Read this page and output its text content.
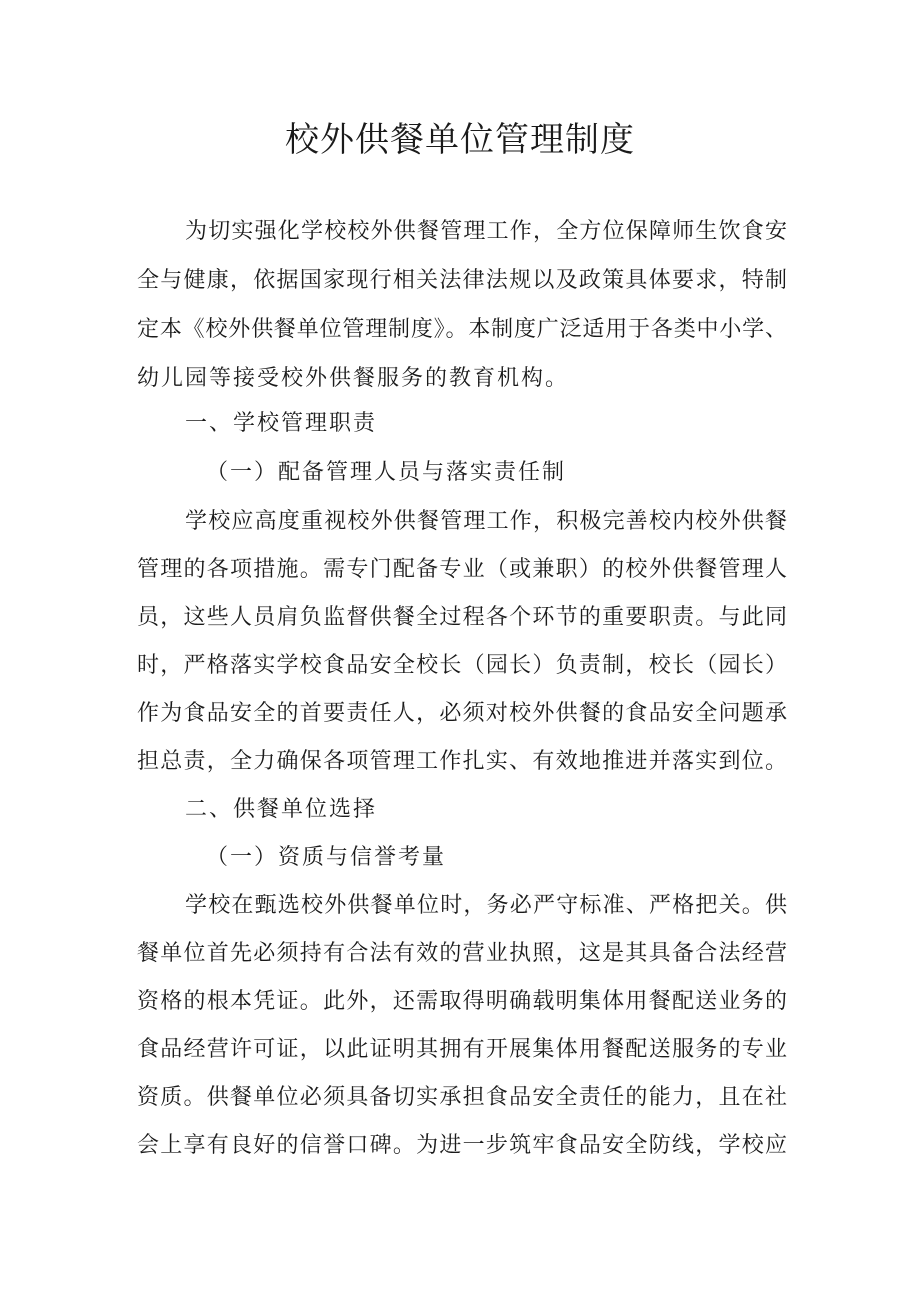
校外供餐单位管理制度
为切实强化学校校外供餐管理工作，全方位保障师生饮食安
全与健康，依据国家现行相关法律法规以及政策具体要求，特制
定本《校外供餐单位管理制度》。本制度广泛适用于各类中小学、
幼儿园等接受校外供餐服务的教育机构。
一、学校管理职责
（一）配备管理人员与落实责任制
学校应高度重视校外供餐管理工作，积极完善校内校外供餐
管理的各项措施。需专门配备专业（或兼职）的校外供餐管理人
员，这些人员肩负监督供餐全过程各个环节的重要职责。与此同
时，严格落实学校食品安全校长（园长）负责制，校长（园长）
作为食品安全的首要责任人，必须对校外供餐的食品安全问题承
担总责，全力确保各项管理工作扎实、有效地推进并落实到位。
二、供餐单位选择
（一）资质与信誉考量
学校在甄选校外供餐单位时，务必严守标准、严格把关。供
餐单位首先必须持有合法有效的营业执照，这是其具备合法经营
资格的根本凭证。此外，还需取得明确载明集体用餐配送业务的
食品经营许可证，以此证明其拥有开展集体用餐配送服务的专业
资质。供餐单位必须具备切实承担食品安全责任的能力，且在社
会上享有良好的信誉口碑。为进一步筑牢食品安全防线，学校应
